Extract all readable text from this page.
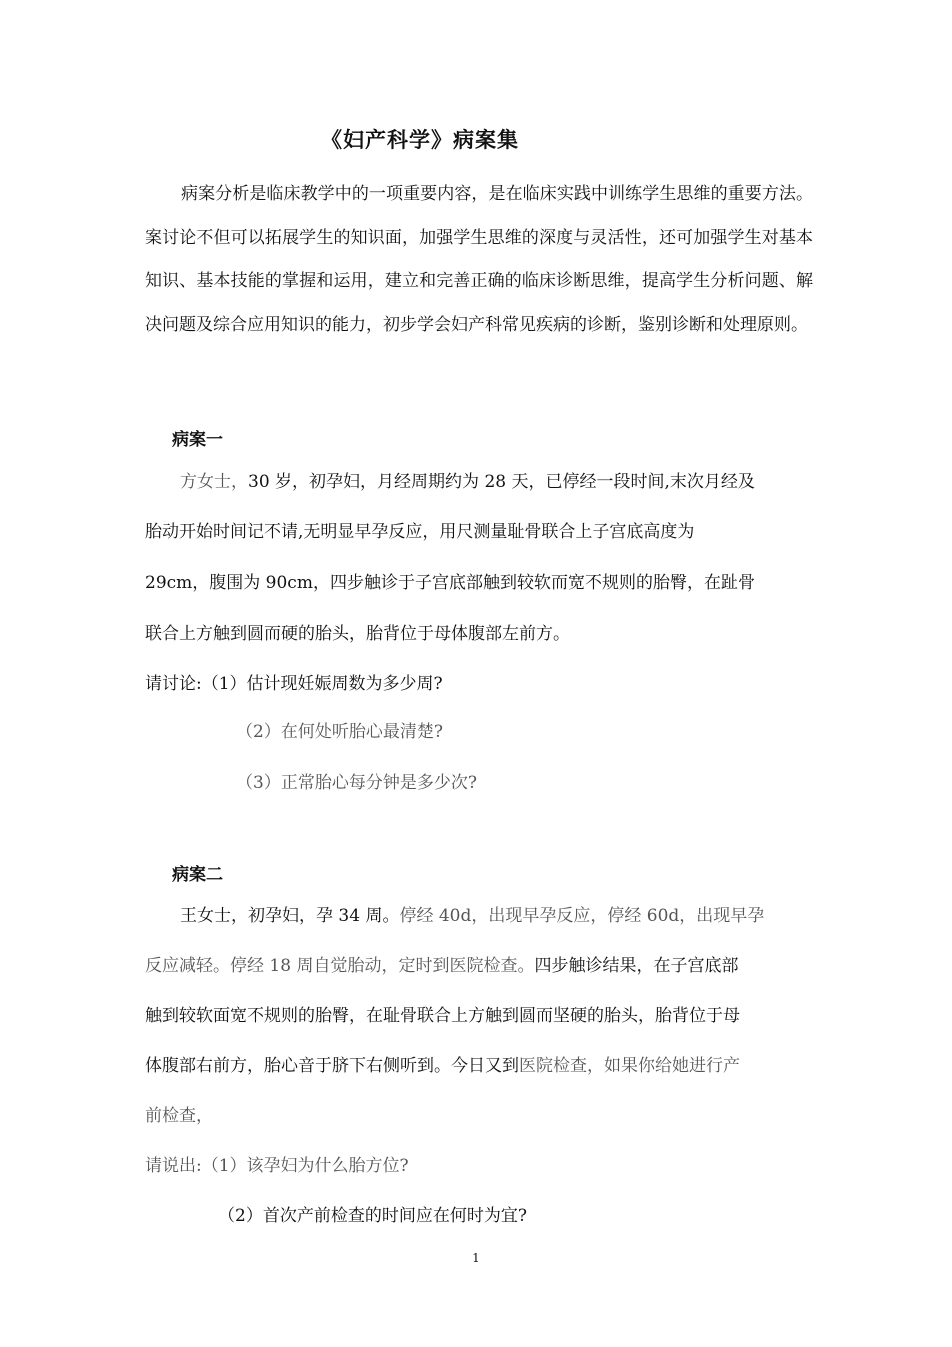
《妇产科学》病案集

病案分析是临床教学中的一项重要内容，是在临床实践中训练学生思维的重要方法。案讨论不但可以拓展学生的知识面，加强学生思维的深度与灵活性，还可加强学生对基本知识、基本技能的掌握和运用，建立和完善正确的临床诊断思维，提高学生分析问题、解决问题及综合应用知识的能力，初步学会妇产科常见疾病的诊断，鉴别诊断和处理原则。

病案一
方女士，30 岁，初孕妇，月经周期约为 28 天，已停经一段时间,末次月经及
胎动开始时间记不请,无明显早孕反应，用尺测量耻骨联合上子宫底高度为
29cm，腹围为 90cm，四步触诊于子宫底部触到较软而宽不规则的胎臀，在趾骨
联合上方触到圆而硬的胎头，胎背位于母体腹部左前方。
请讨论:（1）估计现妊娠周数为多少周?
（2）在何处听胎心最清楚?
（3）正常胎心每分钟是多少次?
病案二
王女士，初孕妇，孕 34 周。停经 40d，出现早孕反应，停经 60d，出现早孕
反应减轻。停经 18 周自觉胎动，定时到医院检查。四步触诊结果，在子宫底部
触到较软面宽不规则的胎臀，在耻骨联合上方触到圆而坚硬的胎头，胎背位于母
体腹部右前方，胎心音于脐下右侧听到。今日又到医院检查，如果你给她进行产
前检查，
请说出:（1）该孕妇为什么胎方位?
（2）首次产前检查的时间应在何时为宜?
1
